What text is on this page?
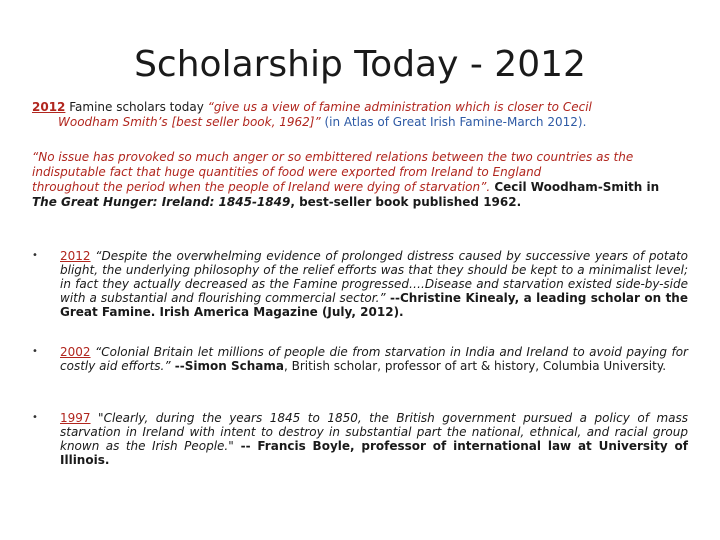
Scholarship Today - 2012
2012 Famine scholars today “give us a view of famine administration which is closer to Cecil
Woodham Smith’s [best seller book, 1962]” (in Atlas of Great Irish Famine-March 2012).
“No issue has provoked so much anger or so embittered relations between the two countries as the
indisputable fact that huge quantities of food were exported from Ireland to England
throughout the period when the people of Ireland were dying of starvation”. Cecil Woodham-Smith in The Great Hunger: Ireland: 1845-1849, best-seller book published 1962.
• 2012 “Despite the overwhelming evidence of prolonged distress caused by successive years of potato blight, the underlying philosophy of the relief efforts was that they should be kept to a minimalist level; in fact they actually decreased as the Famine progressed….Disease and starvation existed side-by-side with a substantial and flourishing commercial sector.” --Christine Kinealy, a leading scholar on the Great Famine. Irish America Magazine (July, 2012).
• 2002 “Colonial Britain let millions of people die from starvation in India and Ireland to avoid paying for costly aid efforts.” --Simon Schama, British scholar, professor of art & history, Columbia University.
• 1997 "Clearly, during the years 1845 to 1850, the British government pursued a policy of mass starvation in Ireland with intent to destroy in substantial part the national, ethnical, and racial group known as the Irish People." -- Francis Boyle, professor of international law at University of Illinois.
